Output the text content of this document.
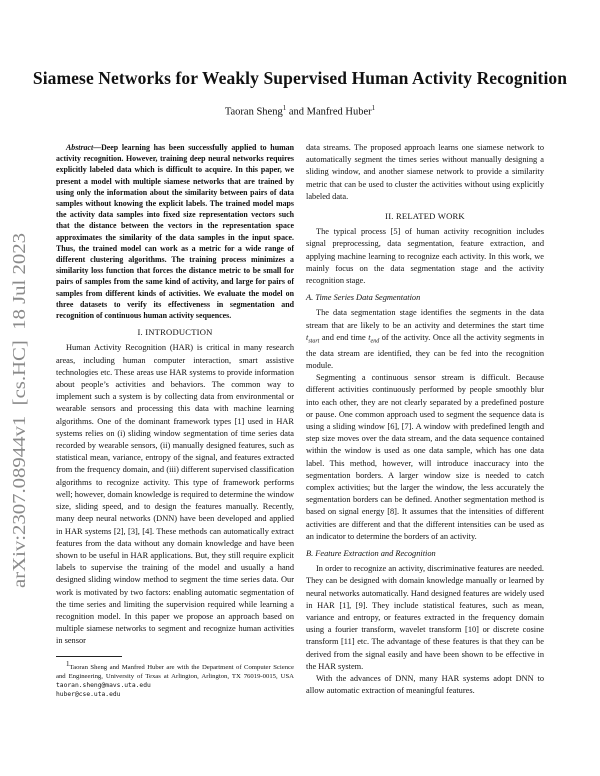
arXiv:2307.08944v1  [cs.HC]  18 Jul 2023
Siamese Networks for Weakly Supervised Human Activity Recognition
Taoran Sheng$^1$ and Manfred Huber$^1$

Abstract—Deep learning has been successfully applied to human activity recognition. However, training deep neural networks requires explicitly labeled data which is difficult to acquire. In this paper, we present a model with multiple siamese networks that are trained by using only the information about the similarity between pairs of data samples without knowing the explicit labels. The trained model maps the activity data samples into fixed size representation vectors such that the distance between the vectors in the representation space approximates the similarity of the data samples in the input space. Thus, the trained model can work as a metric for a wide range of different clustering algorithms. The training process minimizes a similarity loss function that forces the distance metric to be small for pairs of samples from the same kind of activity, and large for pairs of samples from different kinds of activities. We evaluate the model on three datasets to verify its effectiveness in segmentation and recognition of continuous human activity sequences.

I. INTRODUCTION

Human Activity Recognition (HAR) is critical in many research areas, including human computer interaction, smart assistive technologies etc. These areas use HAR systems to provide information about people’s activities and behaviors. The common way to implement such a system is by collecting data from environmental or wearable sensors and processing this data with machine learning algorithms. One of the dominant framework types [1] used in HAR systems relies on (i) sliding window segmentation of time series data recorded by wearable sensors, (ii) manually designed features, such as statistical mean, variance, entropy of the signal, and features extracted from the frequency domain, and (iii) different supervised classification algorithms to recognize activity. This type of framework performs well; however, domain knowledge is required to determine the window size, sliding speed, and to design the features manually. Recently, many deep neural networks (DNN) have been developed and applied in HAR systems [2], [3], [4]. These methods can automatically extract features from the data without any domain knowledge and have been shown to be useful in HAR applications. But, they still require explicit labels to supervise the training of the model and usually a hand designed sliding window method to segment the time series data. Our work is motivated by two factors: enabling automatic segmentation of the time series and limiting the supervision required while learning a recognition model. In this paper we propose an approach based on multiple siamese networks to segment and recognize human activities in sensor

$^1$Taoran Sheng and Manfred Huber are with the Department of Computer Science and Engineering, University of Texas at Arlington, Arlington, TX 76019-0015, USA taoran.sheng@mavs.uta.edu
huber@cse.uta.edu

data streams. The proposed approach learns one siamese network to automatically segment the times series without manually designing a sliding window, and another siamese network to provide a similarity metric that can be used to cluster the activities without using explicitly labeled data.

II. RELATED WORK

The typical process [5] of human activity recognition includes signal preprocessing, data segmentation, feature extraction, and applying machine learning to recognize each activity. In this work, we mainly focus on the data segmentation stage and the activity recognition stage.

A. Time Series Data Segmentation

The data segmentation stage identifies the segments in the data stream that are likely to be an activity and determines the start time $t_{start}$ and end time $t_{end}$ of the activity. Once all the activity segments in the data stream are identified, they can be fed into the recognition module.

Segmenting a continuous sensor stream is difficult. Because different activities continuously performed by people smoothly blur into each other, they are not clearly separated by a predefined posture or pause. One common approach used to segment the sequence data is using a sliding window [6], [7]. A window with predefined length and step size moves over the data stream, and the data sequence contained within the window is used as one data sample, which has one data label. This method, however, will introduce inaccuracy into the segmentation borders. A larger window size is needed to catch complex activities; but the larger the window, the less accurately the segmentation borders can be defined. Another segmentation method is based on signal energy [8]. It assumes that the intensities of different activities are different and that the different intensities can be used as an indicator to determine the borders of an activity.

B. Feature Extraction and Recognition

In order to recognize an activity, discriminative features are needed. They can be designed with domain knowledge manually or learned by neural networks automatically. Hand designed features are widely used in HAR [1], [9]. They include statistical features, such as mean, variance and entropy, or features extracted in the frequency domain using a fourier transform, wavelet transform [10] or discrete cosine transform [11] etc. The advantage of these features is that they can be derived from the signal easily and have been shown to be effective in the HAR system.

With the advances of DNN, many HAR systems adopt DNN to allow automatic extraction of meaningful features.
